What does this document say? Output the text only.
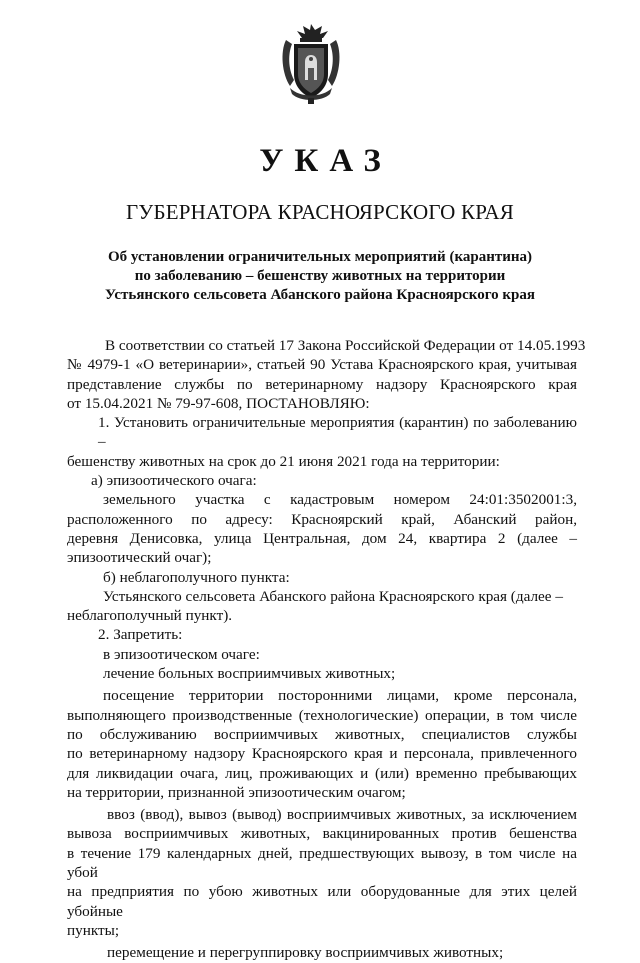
УКАЗ
ГУБЕРНАТОРА КРАСНОЯРСКОГО КРАЯ
Об установлении ограничительных мероприятий (карантина)
по заболеванию – бешенству животных на территории
Устьянского сельсовета Абанского района Красноярского края
В соответствии со статьей 17 Закона Российской Федерации от 14.05.1993
№ 4979-1 «О ветеринарии», статьей 90 Устава Красноярского края, учитывая
представление службы по ветеринарному надзору Красноярского края
от 15.04.2021 № 79-97-608, ПОСТАНОВЛЯЮ:
1. Установить ограничительные мероприятия (карантин) по заболеванию –
бешенству животных на срок до 21 июня 2021 года на территории:
а) эпизоотического очага:
земельного участка с кадастровым номером 24:01:3502001:3,
расположенного по адресу: Красноярский край, Абанский район,
деревня Денисовка, улица Центральная, дом 24, квартира 2 (далее –
эпизоотический очаг);
б) неблагополучного пункта:
Устьянского сельсовета Абанского района Красноярского края (далее –
неблагополучный пункт).
2. Запретить:
в эпизоотическом очаге:
лечение больных восприимчивых животных;
посещение территории посторонними лицами, кроме персонала,
выполняющего производственные (технологические) операции, в том числе
по обслуживанию восприимчивых животных, специалистов службы
по ветеринарному надзору Красноярского края и персонала, привлеченного
для ликвидации очага, лиц, проживающих и (или) временно пребывающих
на территории, признанной эпизоотическим очагом;
ввоз (ввод), вывоз (вывод) восприимчивых животных, за исключением
вывоза восприимчивых животных, вакцинированных против бешенства
в течение 179 календарных дней, предшествующих вывозу, в том числе на убой
на предприятия по убою животных или оборудованные для этих целей убойные
пункты;
перемещение и перегруппировку восприимчивых животных;
